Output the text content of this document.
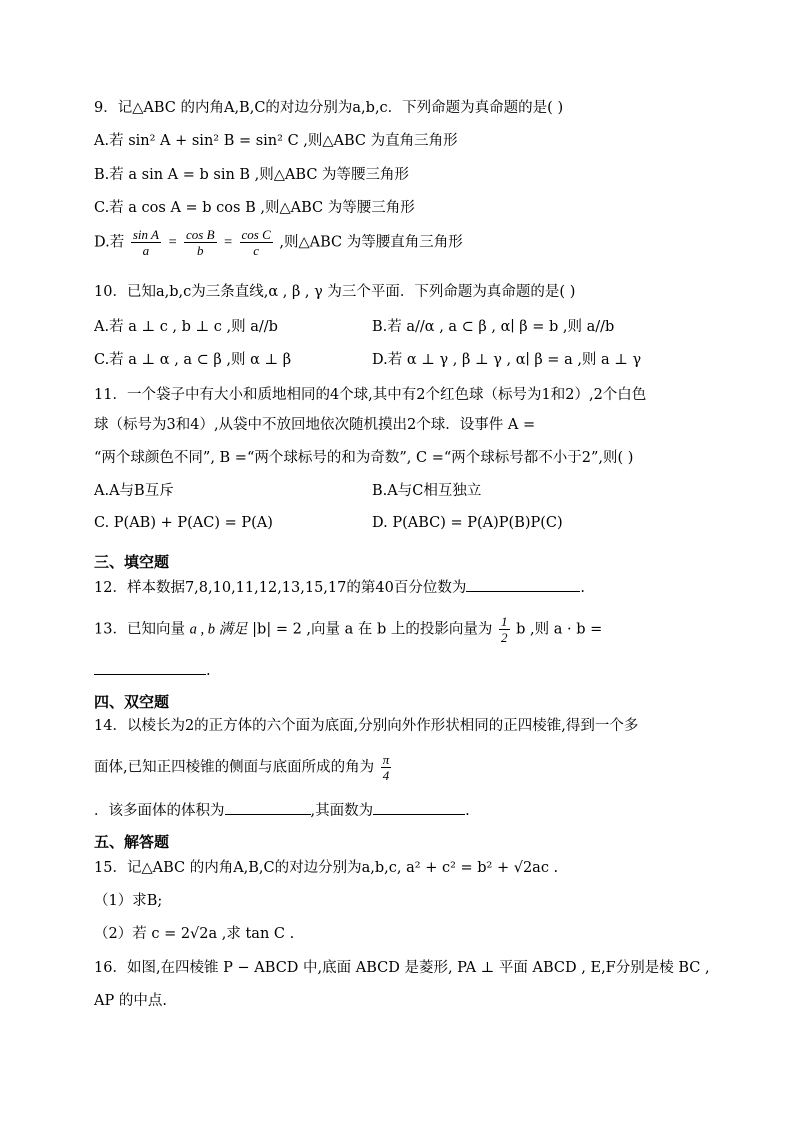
9．记△ABC 的内角A,B,C的对边分别为a,b,c．下列命题为真命题的是( )
A.若 sin² A + sin² B = sin² C ,则△ABC 为直角三角形
B.若 a sin A = b sin B ,则△ABC 为等腰三角形
C.若 a cos A = b cos B ,则△ABC 为等腰三角形
D.若 $\frac{\text{sin A}}{a} = \frac{\text{cos B}}{b} = \frac{\text{cos C}}{c}$ ,则△ABC 为等腰直角三角形
10．已知a,b,c为三条直线,α , β , γ 为三个平面．下列命题为真命题的是( )
A.若 a ⊥ c , b ⊥ c ,则 a//b	B.若 a//α , a ⊂ β , α∣ β = b ,则 a//b
C.若 a ⊥ α , a ⊂ β ,则 α ⊥ β	D.若 α ⊥ γ , β ⊥ γ , α∣ β = a ,则 a ⊥ γ
11．一个袋子中有大小和质地相同的4个球,其中有2个红色球（标号为1和2）,2个白色
球（标号为3和4）,从袋中不放回地依次随机摸出2个球．设事件 A =
“两个球颜色不同”, B =“两个球标号的和为奇数”, C =“两个球标号都不小于2”,则( )
A.A与B互斥	B.A与C相互独立
C. P(AB) + P(AC) = P(A)	D. P(ABC) = P(A)P(B)P(C)
三、填空题
12．样本数据7,8,10,11,12,13,15,17的第40百分位数为	.
13．已知向量 a , b 满足 |b| = 2 ,向量 a 在 b 上的投影向量为 $\frac{1}{2}$ b ,则 a · b =
.
四、双空题
14．以棱长为2的正方体的六个面为底面,分别向外作形状相同的正四棱锥,得到一个多
面体,已知正四棱锥的侧面与底面所成的角为 $\frac{\pi}{4}$
．该多面体的体积为	,其面数为	.
五、解答题
15．记△ABC 的内角A,B,C的对边分别为a,b,c, a² + c² = b² + √2ac .
（1）求B;
（2）若 c = 2√2a ,求 tan C .
16．如图,在四棱锥 P − ABCD 中,底面 ABCD 是菱形, PA ⊥ 平面 ABCD , E,F分别是棱 BC ,
AP 的中点.
